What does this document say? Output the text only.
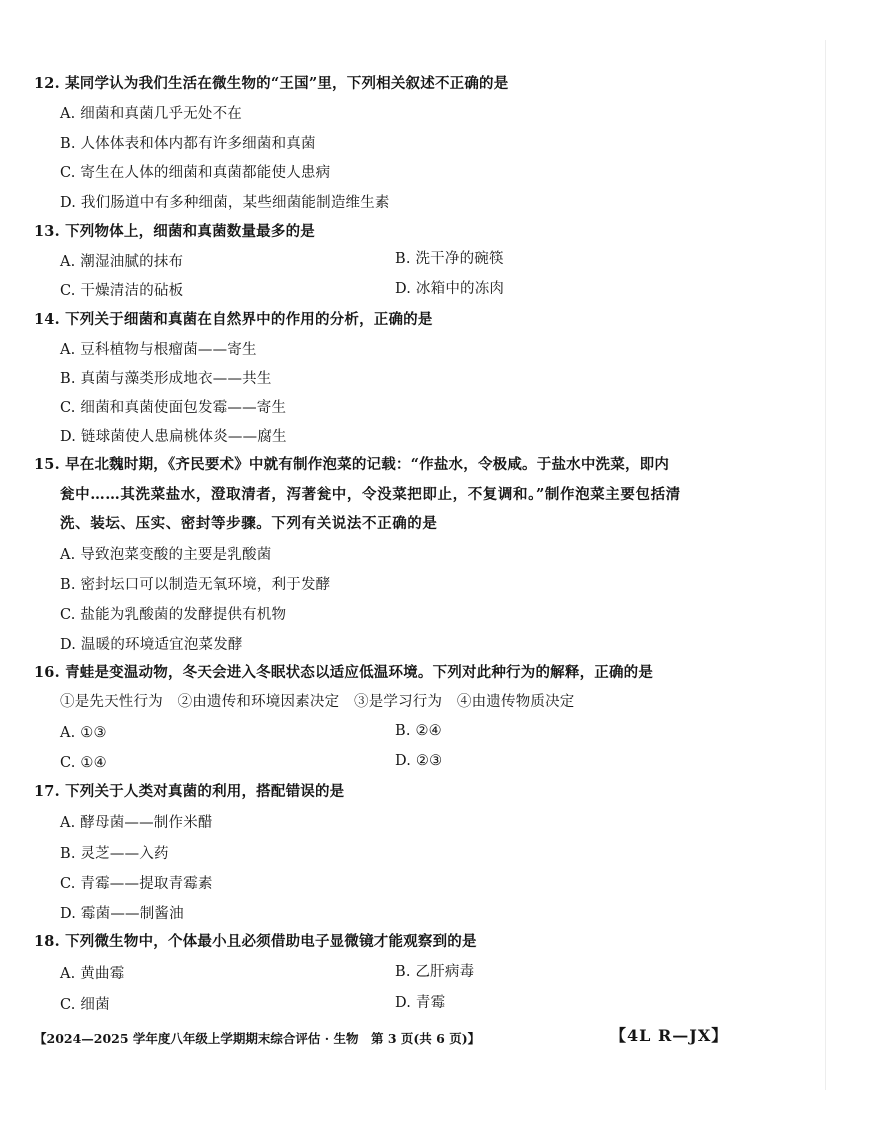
12. 某同学认为我们生活在微生物的“王国”里，下列相关叙述不正确的是
A. 细菌和真菌几乎无处不在
B. 人体体表和体内都有许多细菌和真菌
C. 寄生在人体的细菌和真菌都能使人患病
D. 我们肠道中有多种细菌，某些细菌能制造维生素
13. 下列物体上，细菌和真菌数量最多的是
A. 潮湿油腻的抹布	B. 洗干净的碗筷
C. 干燥清洁的砧板	D. 冰箱中的冻肉
14. 下列关于细菌和真菌在自然界中的作用的分析，正确的是
A. 豆科植物与根瘤菌——寄生
B. 真菌与藻类形成地衣——共生
C. 细菌和真菌使面包发霉——寄生
D. 链球菌使人患扁桃体炎——腐生
15. 早在北魏时期，《齐民要术》中就有制作泡菜的记载：“作盐水，令极咸。于盐水中洗菜，即内
瓮中……其洗菜盐水，澄取清者，泻著瓮中，令没菜把即止，不复调和。”制作泡菜主要包括清
洗、装坛、压实、密封等步骤。下列有关说法不正确的是
A. 导致泡菜变酸的主要是乳酸菌
B. 密封坛口可以制造无氧环境，利于发酵
C. 盐能为乳酸菌的发酵提供有机物
D. 温暖的环境适宜泡菜发酵
16. 青蛙是变温动物，冬天会进入冬眠状态以适应低温环境。下列对此种行为的解释，正确的是
①是先天性行为　②由遗传和环境因素决定　③是学习行为　④由遗传物质决定
A. ①③	B. ②④
C. ①④	D. ②③
17. 下列关于人类对真菌的利用，搭配错误的是
A. 酵母菌——制作米醋
B. 灵芝——入药
C. 青霉——提取青霉素
D. 霉菌——制酱油
18. 下列微生物中，个体最小且必须借助电子显微镜才能观察到的是
A. 黄曲霉	B. 乙肝病毒
C. 细菌	D. 青霉
【2024—2025 学年度八年级上学期期末综合评估 · 生物　第 3 页(共 6 页)】	【4L R—JX】
